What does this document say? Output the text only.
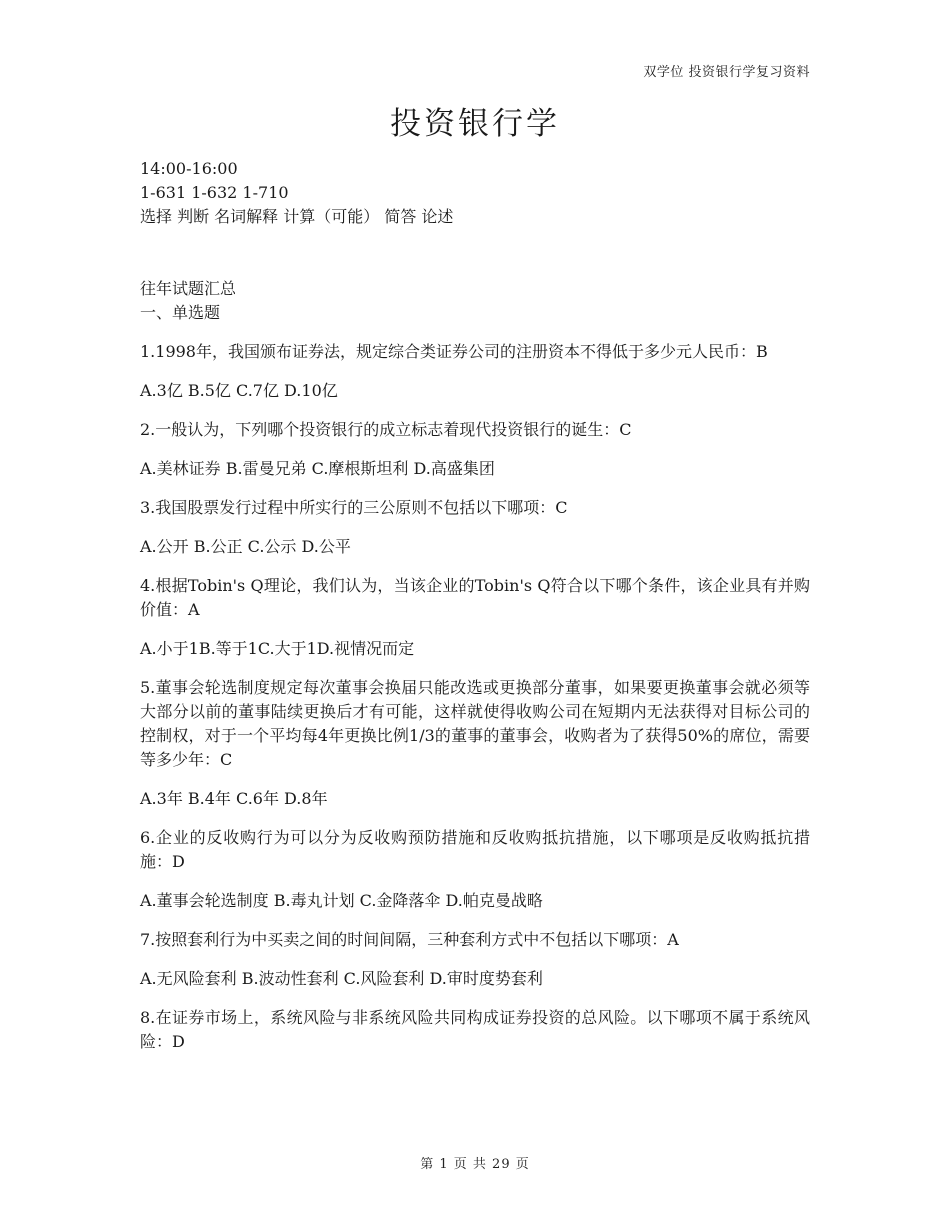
双学位 投资银行学复习资料
投资银行学
14:00-16:00
1-631 1-632 1-710
选择 判断 名词解释 计算（可能） 简答 论述

往年试题汇总

一、单选题

1.1998年，我国颁布证券法，规定综合类证券公司的注册资本不得低于多少元人民币：B

A.3亿 B.5亿 C.7亿 D.10亿

2.一般认为，下列哪个投资银行的成立标志着现代投资银行的诞生：C

A.美林证券 B.雷曼兄弟 C.摩根斯坦利 D.高盛集团

3.我国股票发行过程中所实行的三公原则不包括以下哪项：C

A.公开 B.公正 C.公示 D.公平

4.根据Tobin's Q理论，我们认为，当该企业的Tobin's Q符合以下哪个条件，该企业具有并购价值：A

A.小于1B.等于1C.大于1D.视情况而定

5.董事会轮选制度规定每次董事会换届只能改选或更换部分董事，如果要更换董事会就必须等大部分以前的董事陆续更换后才有可能，这样就使得收购公司在短期内无法获得对目标公司的控制权，对于一个平均每4年更换比例1/3的董事的董事会，收购者为了获得50%的席位，需要等多少年：C

A.3年 B.4年 C.6年 D.8年

6.企业的反收购行为可以分为反收购预防措施和反收购抵抗措施，以下哪项是反收购抵抗措施：D

A.董事会轮选制度 B.毒丸计划 C.金降落伞 D.帕克曼战略

7.按照套利行为中买卖之间的时间间隔，三种套利方式中不包括以下哪项：A

A.无风险套利 B.波动性套利 C.风险套利 D.审时度势套利

8.在证券市场上，系统风险与非系统风险共同构成证券投资的总风险。以下哪项不属于系统风险：D

第 1 页 共 29 页
